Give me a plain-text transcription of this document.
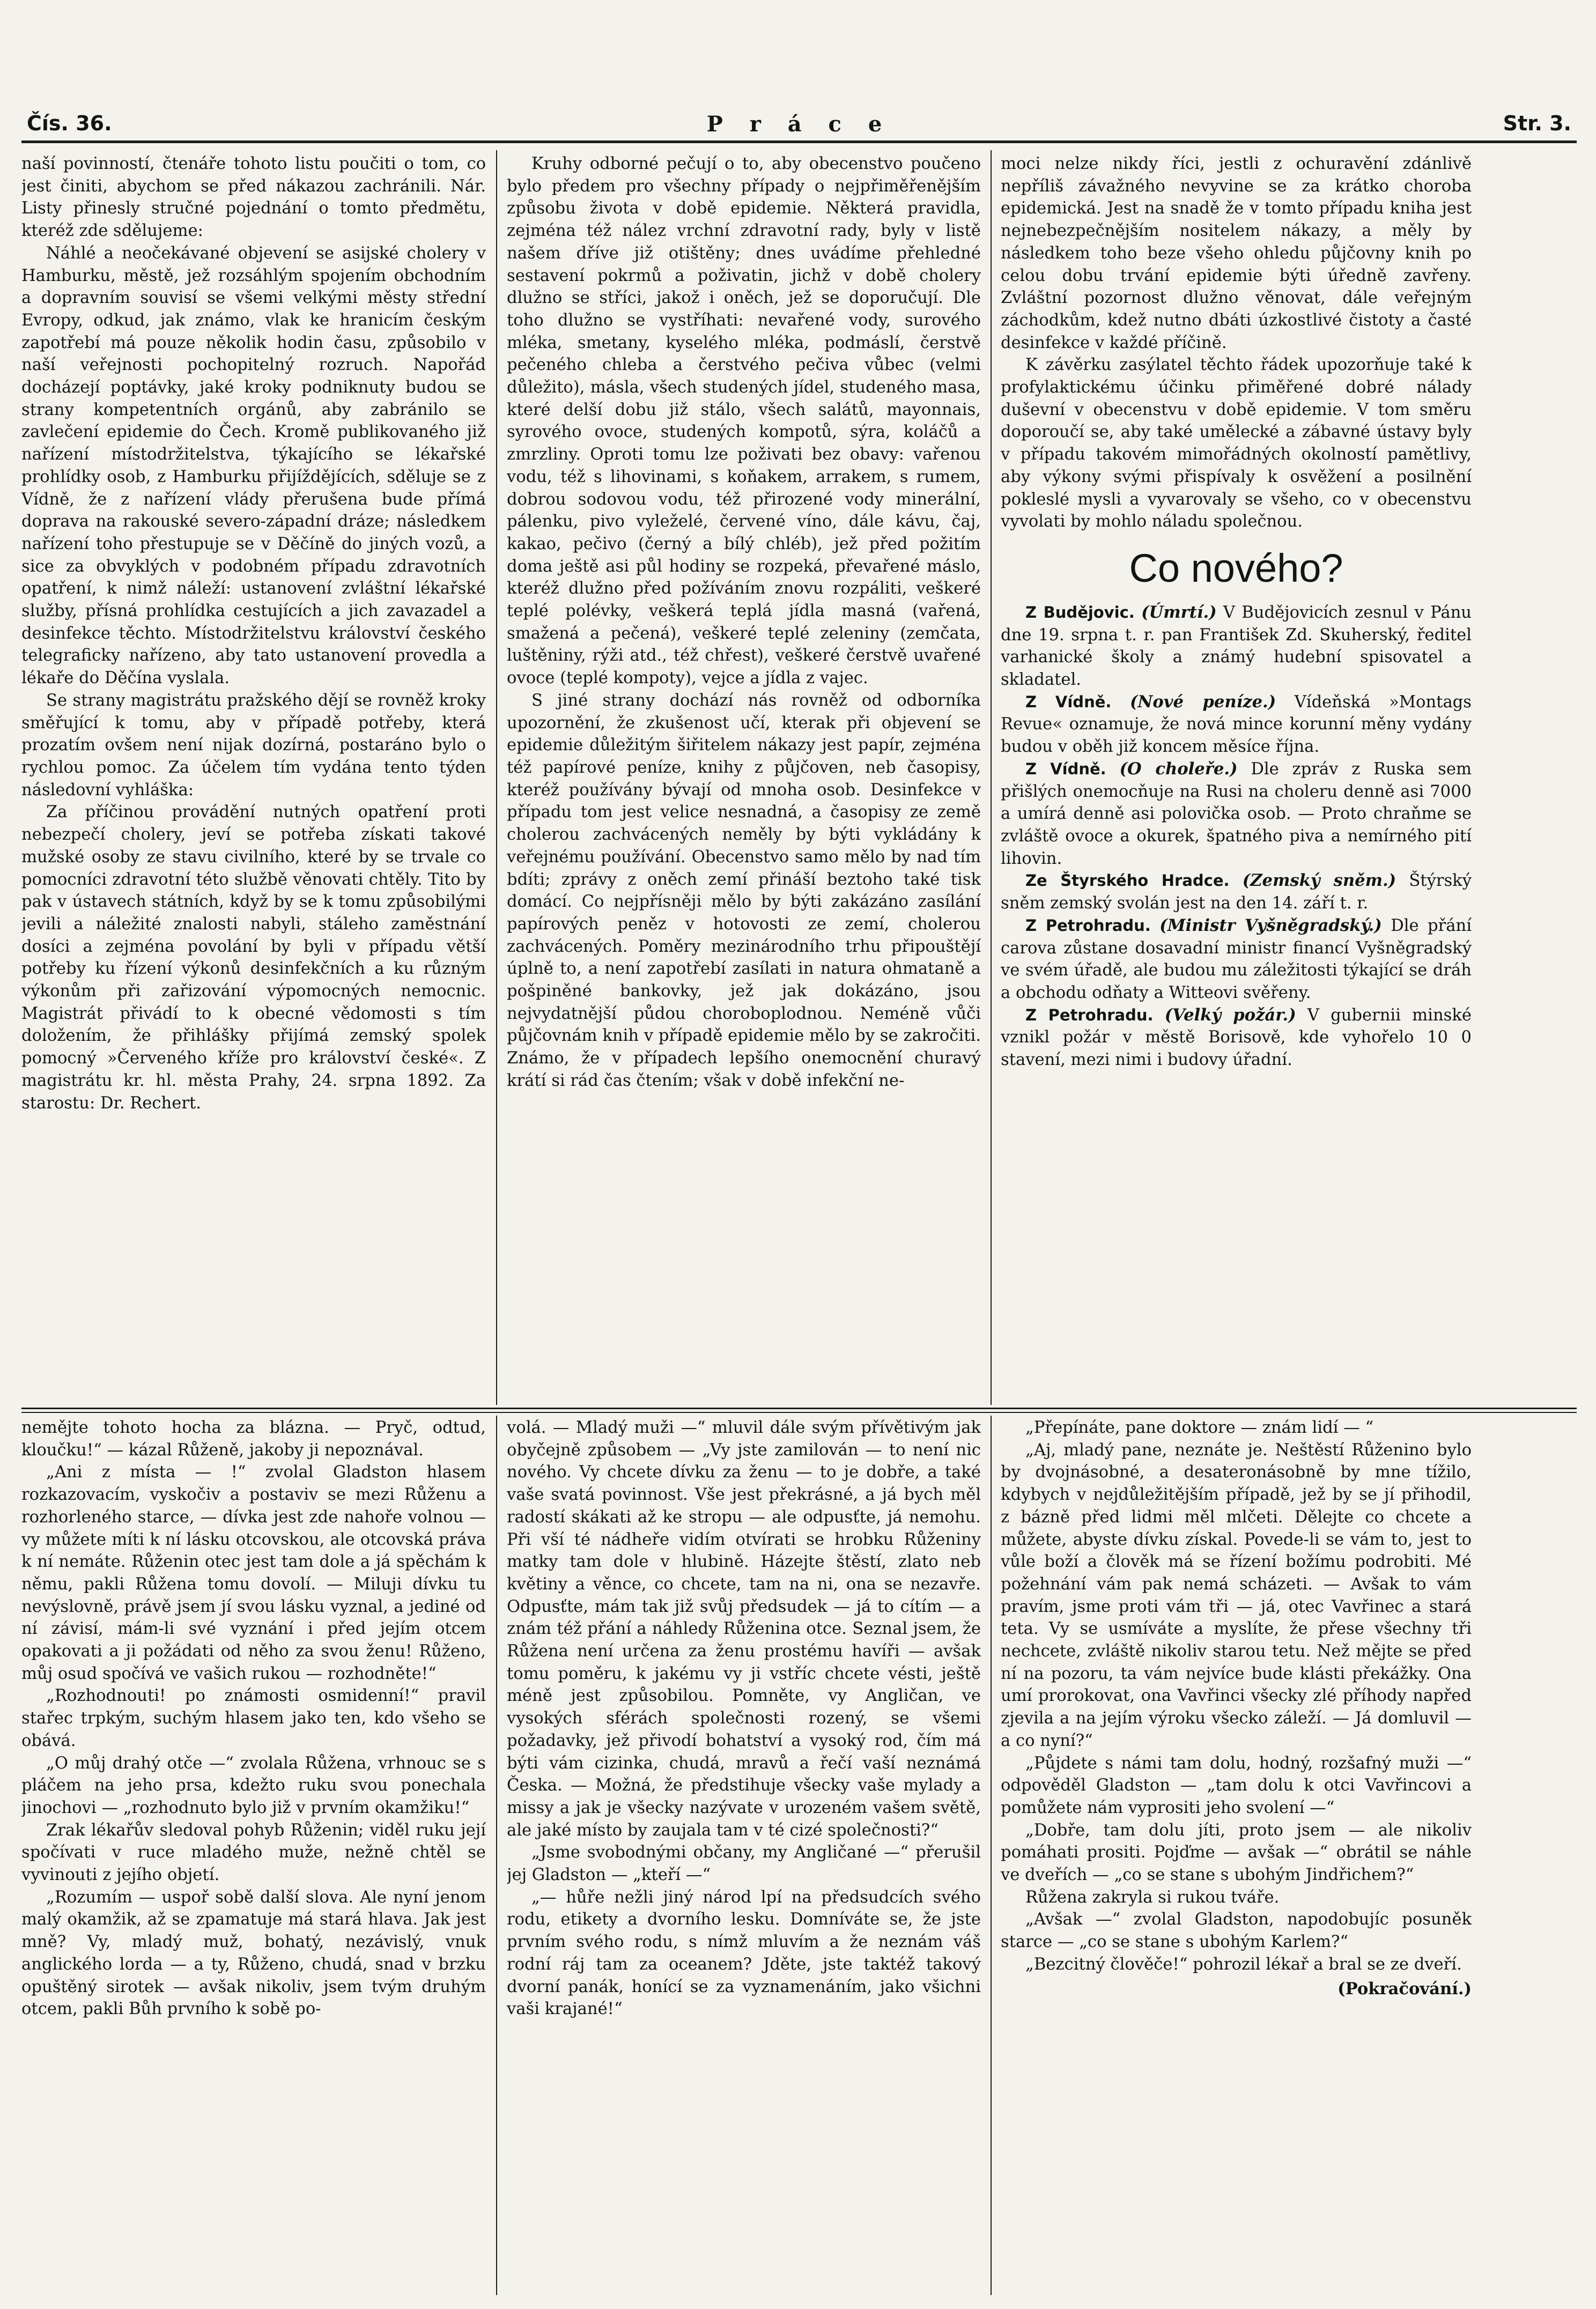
Čís. 36.	P r á c e	Str. 3.

naší povinností, čtenáře tohoto listu poučiti o tom, co jest činiti, abychom se před nákazou zachránili. Nár. Listy přinesly stručné pojednání o tomto předmětu, kteréž zde sdělujeme:

Náhlé a neočekávané objevení se asijské cholery v Hamburku, městě, jež rozsáhlým spojením obchodním a dopravním souvisí se všemi velkými městy střední Evropy, odkud, jak známo, vlak ke hranicím českým zapotřebí má pouze několik hodin času, způsobilo v naší veřejnosti pochopitelný rozruch. Napořád docházejí poptávky, jaké kroky podniknuty budou se strany kompetentních orgánů, aby zabránilo se zavlečení epidemie do Čech. Kromě publikovaného již nařízení místodržitelstva, týkajícího se lékařské prohlídky osob, z Hamburku přijíždějících, sděluje se z Vídně, že z nařízení vlády přerušena bude přímá doprava na rakouské severo-západní dráze; následkem nařízení toho přestupuje se v Děčíně do jiných vozů, a sice za obvyklých v podobném případu zdravotních opatření, k nimž náleží: ustanovení zvláštní lékařské služby, přísná prohlídka cestujících a jich zavazadel a desinfekce těchto. Místodržitelstvu království českého telegraficky nařízeno, aby tato ustanovení provedla a lékaře do Děčína vyslala.

Se strany magistrátu pražského dějí se rovněž kroky směřující k tomu, aby v případě potřeby, která prozatím ovšem není nijak dozírná, postaráno bylo o rychlou pomoc. Za účelem tím vydána tento týden následovní vyhláška:

Za příčinou provádění nutných opatření proti nebezpečí cholery, jeví se potřeba získati takové mužské osoby ze stavu civilního, které by se trvale co pomocníci zdravotní této službě věnovati chtěly. Tito by pak v ústavech státních, když by se k tomu způsobilými jevili a náležité znalosti nabyli, stáleho zaměstnání dosíci a zejména povolání by byli v případu větší potřeby ku řízení výkonů desinfekčních a ku různým výkonům při zařizování výpomocných nemocnic. Magistrát přivádí to k obecné vědomosti s tím doložením, že přihlášky přijímá zemský spolek pomocný »Červeného kříže pro království české«. Z magistrátu kr. hl. města Prahy, 24. srpna 1892. Za starostu: Dr. Rechert.

Kruhy odborné pečují o to, aby obecenstvo poučeno bylo předem pro všechny případy o nejpřiměřenějším způsobu života v době epidemie. Některá pravidla, zejména též nález vrchní zdravotní rady, byly v listě našem dříve již otištěny; dnes uvádíme přehledné sestavení pokrmů a poživatin, jichž v době cholery dlužno se stříci, jakož i oněch, jež se doporučují. Dle toho dlužno se vystříhati: nevařené vody, surového mléka, smetany, kyselého mléka, podmáslí, čerstvě pečeného chleba a čerstvého pečiva vůbec (velmi důležito), másla, všech studených jídel, studeného masa, které delší dobu již stálo, všech salátů, mayonnais, syrového ovoce, studených kompotů, sýra, koláčů a zmrzliny. Oproti tomu lze poživati bez obavy: vařenou vodu, též s lihovinami, s koňakem, arrakem, s rumem, dobrou sodovou vodu, též přirozené vody minerální, pálenku, pivo vyleželé, červené víno, dále kávu, čaj, kakao, pečivo (černý a bílý chléb), jež před požitím doma ještě asi půl hodiny se rozpeká, převařené máslo, kteréž dlužno před požíváním znovu rozpáliti, veškeré teplé polévky, veškerá teplá jídla masná (vařená, smažená a pečená), veškeré teplé zeleniny (zemčata, luštěniny, rýži atd., též chřest), veškeré čerstvě uvařené ovoce (teplé kompoty), vejce a jídla z vajec.

S jiné strany dochází nás rovněž od odborníka upozornění, že zkušenost učí, kterak při objevení se epidemie důležitým šiřitelem nákazy jest papír, zejména též papírové peníze, knihy z půjčoven, neb časopisy, kteréž používány bývají od mnoha osob. Desinfekce v případu tom jest velice nesnadná, a časopisy ze země cholerou zachvácených neměly by býti vykládány k veřejnému používání. Obecenstvo samo mělo by nad tím bdíti; zprávy z oněch zemí přináší beztoho také tisk domácí. Co nejpřísněji mělo by býti zakázáno zasílání papírových peněz v hotovosti ze zemí, cholerou zachvácených. Poměry mezinárodního trhu připouštějí úplně to, a není zapotřebí zasílati in natura ohmataně a pošpiněné bankovky, jež jak dokázáno, jsou nejvydatnější půdou choroboplodnou. Neméně vůči půjčovnám knih v případě epidemie mělo by se zakročiti. Známo, že v případech lepšího onemocnění churavý krátí si rád čas čtením; však v době infekční ne-

moci nelze nikdy říci, jestli z ochuravění zdánlivě nepříliš závažného nevyvine se za krátko choroba epidemická. Jest na snadě že v tomto případu kniha jest nejnebezpečnějším nositelem nákazy, a měly by následkem toho beze všeho ohledu půjčovny knih po celou dobu trvání epidemie býti úředně zavřeny. Zvláštní pozornost dlužno věnovat, dále veřejným záchodkům, kdež nutno dbáti úzkostlivé čistoty a časté desinfekce v každé příčině.

K závěrku zasýlatel těchto řádek upozorňuje také k profylaktickému účinku přiměřené dobré nálady duševní v obecenstvu v době epidemie. V tom směru doporoučí se, aby také umělecké a zábavné ústavy byly v případu takovém mimořádných okolností pamětlivy, aby výkony svými přispívaly k osvěžení a posilnění pokleslé mysli a vyvarovaly se všeho, co v obecenstvu vyvolati by mohlo náladu společnou.

Co nového?

Z Budějovic. (Úmrtí.) V Budějovicích zesnul v Pánu dne 19. srpna t. r. pan František Zd. Skuherský, ředitel varhanické školy a známý hudební spisovatel a skladatel.

Z Vídně. (Nové peníze.) Vídeňská »Montags Revue« oznamuje, že nová mince korunní měny vydány budou v oběh již koncem měsíce října.

Z Vídně. (O choleře.) Dle zpráv z Ruska sem přišlých onemocňuje na Rusi na choleru denně asi 7000 a umírá denně asi polovička osob. — Proto chraňme se zvláště ovoce a okurek, špatného piva a nemírného pití lihovin.

Ze Štyrského Hradce. (Zemský sněm.) Štýrský sněm zemský svolán jest na den 14. září t. r.

Z Petrohradu. (Ministr Vyšněgradský.) Dle přání carova zůstane dosavadní ministr financí Vyšněgradský ve svém úřadě, ale budou mu záležitosti týkající se dráh a obchodu odňaty a Witteovi svěřeny.

Z Petrohradu. (Velký požár.) V gubernii minské vznikl požár v městě Borisově, kde vyhořelo 10 0 stavení, mezi nimi i budovy úřadní.

nemějte tohoto hocha za blázna. — Pryč, odtud, kloučku!“ — kázal Růženě, jakoby ji nepoznával.

„Ani z místa — !“ zvolal Gladston hlasem rozkazovacím, vyskočiv a postaviv se mezi Růženu a rozhorleného starce, — dívka jest zde nahoře volnou — vy můžete míti k ní lásku otcovskou, ale otcovská práva k ní nemáte. Růženin otec jest tam dole a já spěchám k němu, pakli Růžena tomu dovolí. — Miluji dívku tu nevýslovně, právě jsem jí svou lásku vyznal, a jediné od ní závisí, mám-li své vyznání i před jejím otcem opakovati a ji požádati od něho za svou ženu! Růženo, můj osud spočívá ve vašich rukou — rozhodněte!“

„Rozhodnouti! po známosti osmidenní!“ pravil stařec trpkým, suchým hlasem jako ten, kdo všeho se obává.

„O můj drahý otče —“ zvolala Růžena, vrhnouc se s pláčem na jeho prsa, kdežto ruku svou ponechala jinochovi — „rozhodnuto bylo již v prvním okamžiku!“

Zrak lékařův sledoval pohyb Růženin; viděl ruku její spočívati v ruce mladého muže, nežně chtěl se vyvinouti z jejího objetí.

„Rozumím — uspoř sobě další slova. Ale nyní jenom malý okamžik, až se zpamatuje má stará hlava. Jak jest mně? Vy, mladý muž, bohatý, nezávislý, vnuk anglického lorda — a ty, Růženo, chudá, snad v brzku opuštěný sirotek — avšak nikoliv, jsem tvým druhým otcem, pakli Bůh prvního k sobě po-

volá. — Mladý muži —“ mluvil dále svým přívětivým jak obyčejně způsobem — „Vy jste zamilován — to není nic nového. Vy chcete dívku za ženu — to je dobře, a také vaše svatá povinnost. Vše jest překrásné, a já bych měl radostí skákati až ke stropu — ale odpusťte, já nemohu. Při vší té nádheře vidím otvírati se hrobku Růženiny matky tam dole v hlubině. Házejte štěstí, zlato neb květiny a věnce, co chcete, tam na ni, ona se nezavře. Odpusťte, mám tak již svůj předsudek — já to cítím — a znám též přání a náhledy Růženina otce. Seznal jsem, že Růžena není určena za ženu prostému havíři — avšak tomu poměru, k jakému vy ji vstříc chcete vésti, ještě méně jest způsobilou. Pomněte, vy Angličan, ve vysokých sférách společnosti rozený, se všemi požadavky, jež přivodí bohatství a vysoký rod, čím má býti vám cizinka, chudá, mravů a řečí vaší neznámá Česka. — Možná, že předstihuje všecky vaše mylady a missy a jak je všecky nazývate v urozeném vašem světě, ale jaké místo by zaujala tam v té cizé společnosti?“

„Jsme svobodnými občany, my Angličané —“ přerušil jej Gladston — „kteří —“

„— hůře nežli jiný národ lpí na předsudcích svého rodu, etikety a dvorního lesku. Domníváte se, že jste prvním svého rodu, s nímž mluvím a že neznám váš rodní ráj tam za oceanem? Jděte, jste taktéž takový dvorní panák, honící se za vyznamenáním, jako všichni vaši krajané!“

„Přepínáte, pane doktore — znám lidí — “

„Aj, mladý pane, neznáte je. Neštěstí Růženino bylo by dvojnásobné, a desateronásobně by mne tížilo, kdybych v nejdůležitějším případě, jež by se jí přihodil, z bázně před lidmi měl mlčeti. Dělejte co chcete a můžete, abyste dívku získal. Povede-li se vám to, jest to vůle boží a člověk má se řízení božímu podrobiti. Mé požehnání vám pak nemá scházeti. — Avšak to vám pravím, jsme proti vám tři — já, otec Vavřinec a stará teta. Vy se usmíváte a myslíte, že přese všechny tři nechcete, zvláště nikoliv starou tetu. Než mějte se před ní na pozoru, ta vám nejvíce bude klásti překážky. Ona umí prorokovat, ona Vavřinci všecky zlé příhody napřed zjevila a na jejím výroku všecko záleží. — Já domluvil — a co nyní?“

„Půjdete s námi tam dolu, hodný, rozšafný muži —“ odpověděl Gladston — „tam dolu k otci Vavřincovi a pomůžete nám vyprositi jeho svolení —“

„Dobře, tam dolu jíti, proto jsem — ale nikoliv pomáhati prositi. Pojďme — avšak —“ obrátil se náhle ve dveřích — „co se stane s ubohým Jindřichem?“

Růžena zakryla si rukou tváře.

„Avšak —“ zvolal Gladston, napodobujíc posuněk starce — „co se stane s ubohým Karlem?“

„Bezcitný člověče!“ pohrozil lékař a bral se ze dveří.

(Pokračování.)
